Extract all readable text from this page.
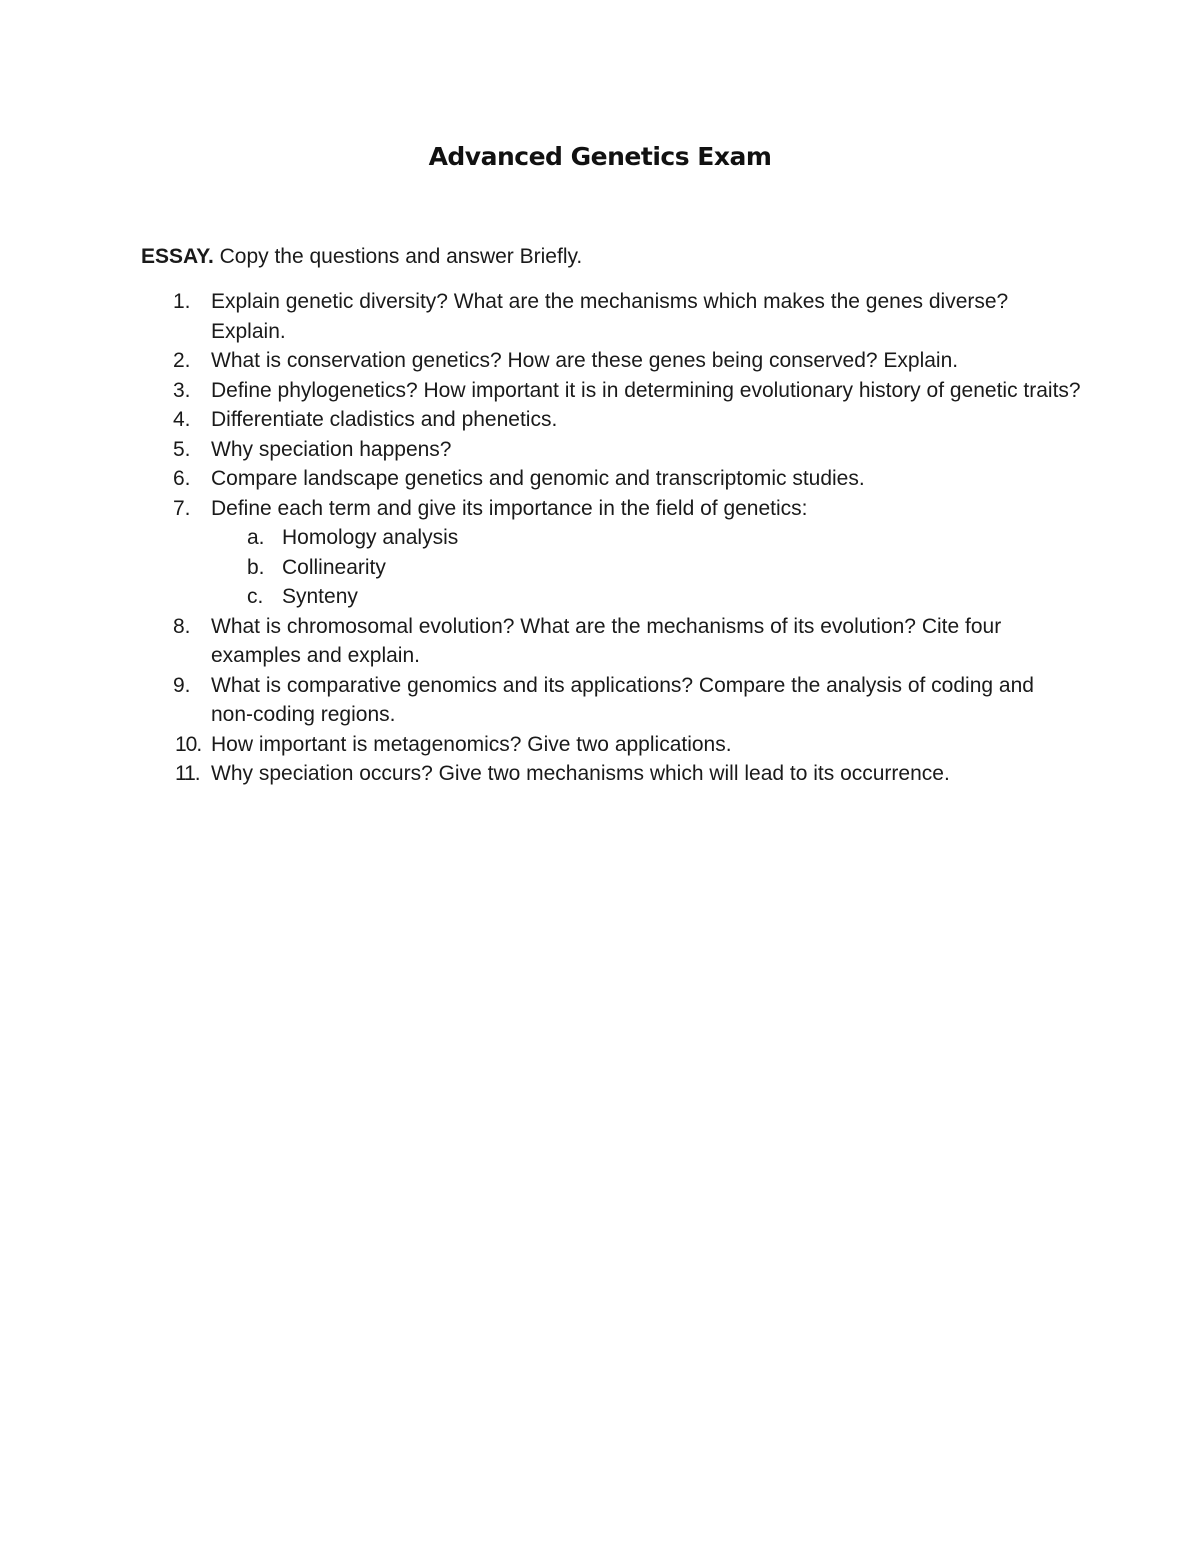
Advanced Genetics Exam
ESSAY. Copy the questions and answer Briefly.
1. Explain genetic diversity? What are the mechanisms which makes the genes diverse? Explain.
2. What is conservation genetics? How are these genes being conserved? Explain.
3. Define phylogenetics? How important it is in determining evolutionary history of genetic traits?
4. Differentiate cladistics and phenetics.
5. Why speciation happens?
6. Compare landscape genetics and genomic and transcriptomic studies.
7. Define each term and give its importance in the field of genetics:
a. Homology analysis
b. Collinearity
c. Synteny
8. What is chromosomal evolution? What are the mechanisms of its evolution? Cite four examples and explain.
9. What is comparative genomics and its applications? Compare the analysis of coding and non-coding regions.
10. How important is metagenomics? Give two applications.
11. Why speciation occurs? Give two mechanisms which will lead to its occurrence.
